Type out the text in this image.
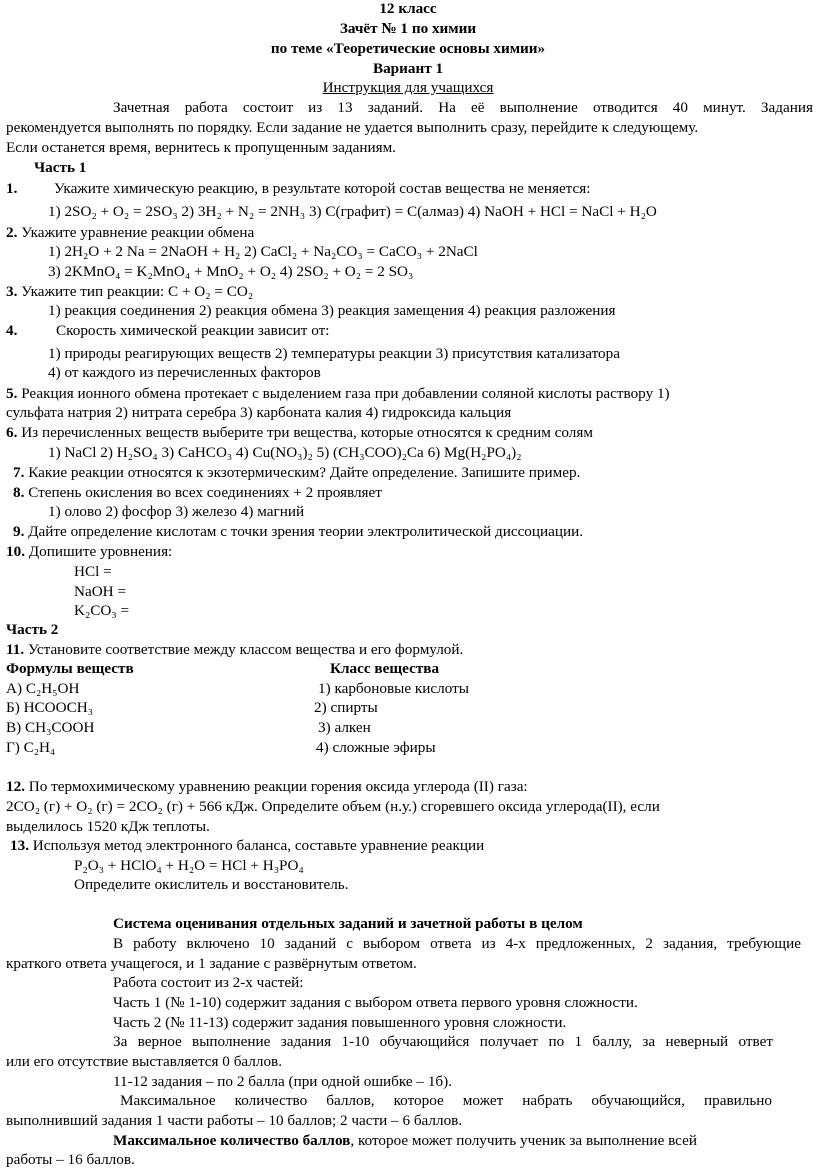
12 класс
Зачёт № 1 по химии
по теме «Теоретические основы химии»
Вариант 1
Инструкция для учащихся
Зачетная работа состоит из 13 заданий. На её выполнение отводится 40 минут. Задания
рекомендуется выполнять по порядку. Если задание не удается выполнить сразу, перейдите к следующему.
Если останется время, вернитесь к пропущенным заданиям.
Часть 1
1. Укажите химическую реакцию, в результате которой состав вещества не меняется:
1) 2SO₂ + O₂ = 2SO₃ 2) 3H₂ + N₂ = 2NH₃ 3) C(графит) = C(алмаз) 4) NaOH + HCl = NaCl + H₂O
2. Укажите уравнение реакции обмена
1) 2H₂O + 2 Na = 2NaOH + H₂ 2) CaCl₂ + Na₂CO₃ = CaCO₃ + 2NaCl
3) 2KMnO₄ = K₂MnO₄ + MnO₂ + O₂ 4) 2SO₂ + O₂ = 2 SO₃
3. Укажите тип реакции: C + O₂ = CO₂
1) реакция соединения 2) реакция обмена 3) реакция замещения 4) реакция разложения
4.	Скорость химической реакции зависит от:
1) природы реагирующих веществ 2) температуры реакции 3) присутствия катализатора
4) от каждого из перечисленных факторов
5. Реакция ионного обмена протекает с выделением газа при добавлении соляной кислоты раствору 1)
сульфата натрия 2) нитрата серебра 3) карбоната калия 4) гидроксида кальция
6. Из перечисленных веществ выберите три вещества, которые относятся к средним солям
1) NaCl 2) H₂SO₄ 3) CaHCO₃ 4) Cu(NO₃)₂ 5) (CH₃COO)₂Ca 6) Mg(H₂PO₄)₂
7. Какие реакции относятся к экзотермическим? Дайте определение. Запишите пример.
8. Степень окисления во всех соединениях + 2 проявляет
1) олово 2) фосфор 3) железо 4) магний
9. Дайте определение кислотам с точки зрения теории электролитической диссоциации.
10. Допишите уровнения:
HCl =
NaOH =
K₂CO₃ =
Часть 2
11. Установите соответствие между классом вещества и его формулой.
Формулы веществ	Класс вещества
А) C₂H₅OH	1) карбоновые кислоты
Б) HCOOCH₃	2) спирты
В) CH₃COOH	3) алкен
Г) C₂H₄	4) сложные эфиры
12. По термохимическому уравнению реакции горения оксида углерода (II) газа:
2CO₂ (г) + O₂ (г) = 2CO₂ (г) + 566 кДж. Определите объем (н.у.) сгоревшего оксида углерода(II), если
выделилось 1520 кДж теплоты.
13. Используя метод электронного баланса, составьте уравнение реакции
P₂O₃ + HClO₄ + H₂O = HCl + H₃PO₄
Определите окислитель и восстановитель.
Система оценивания отдельных заданий и зачетной работы в целом
В работу включено 10 заданий с выбором ответа из 4-х предложенных, 2 задания, требующие
краткого ответа учащегося, и 1 задание с развёрнутым ответом.
Работа состоит из 2-х частей:
Часть 1 (№ 1-10) содержит задания с выбором ответа первого уровня сложности.
Часть 2 (№ 11-13) содержит задания повышенного уровня сложности.
За верное выполнение задания 1-10 обучающийся получает по 1 баллу, за неверный ответ
или его отсутствие выставляется 0 баллов.
11-12 задания – по 2 балла (при одной ошибке – 1б).
Максимальное количество баллов, которое может набрать обучающийся, правильно
выполнивший задания 1 части работы – 10 баллов; 2 части – 6 баллов.
Максимальное количество баллов, которое может получить ученик за выполнение всей
работы – 16 баллов.
